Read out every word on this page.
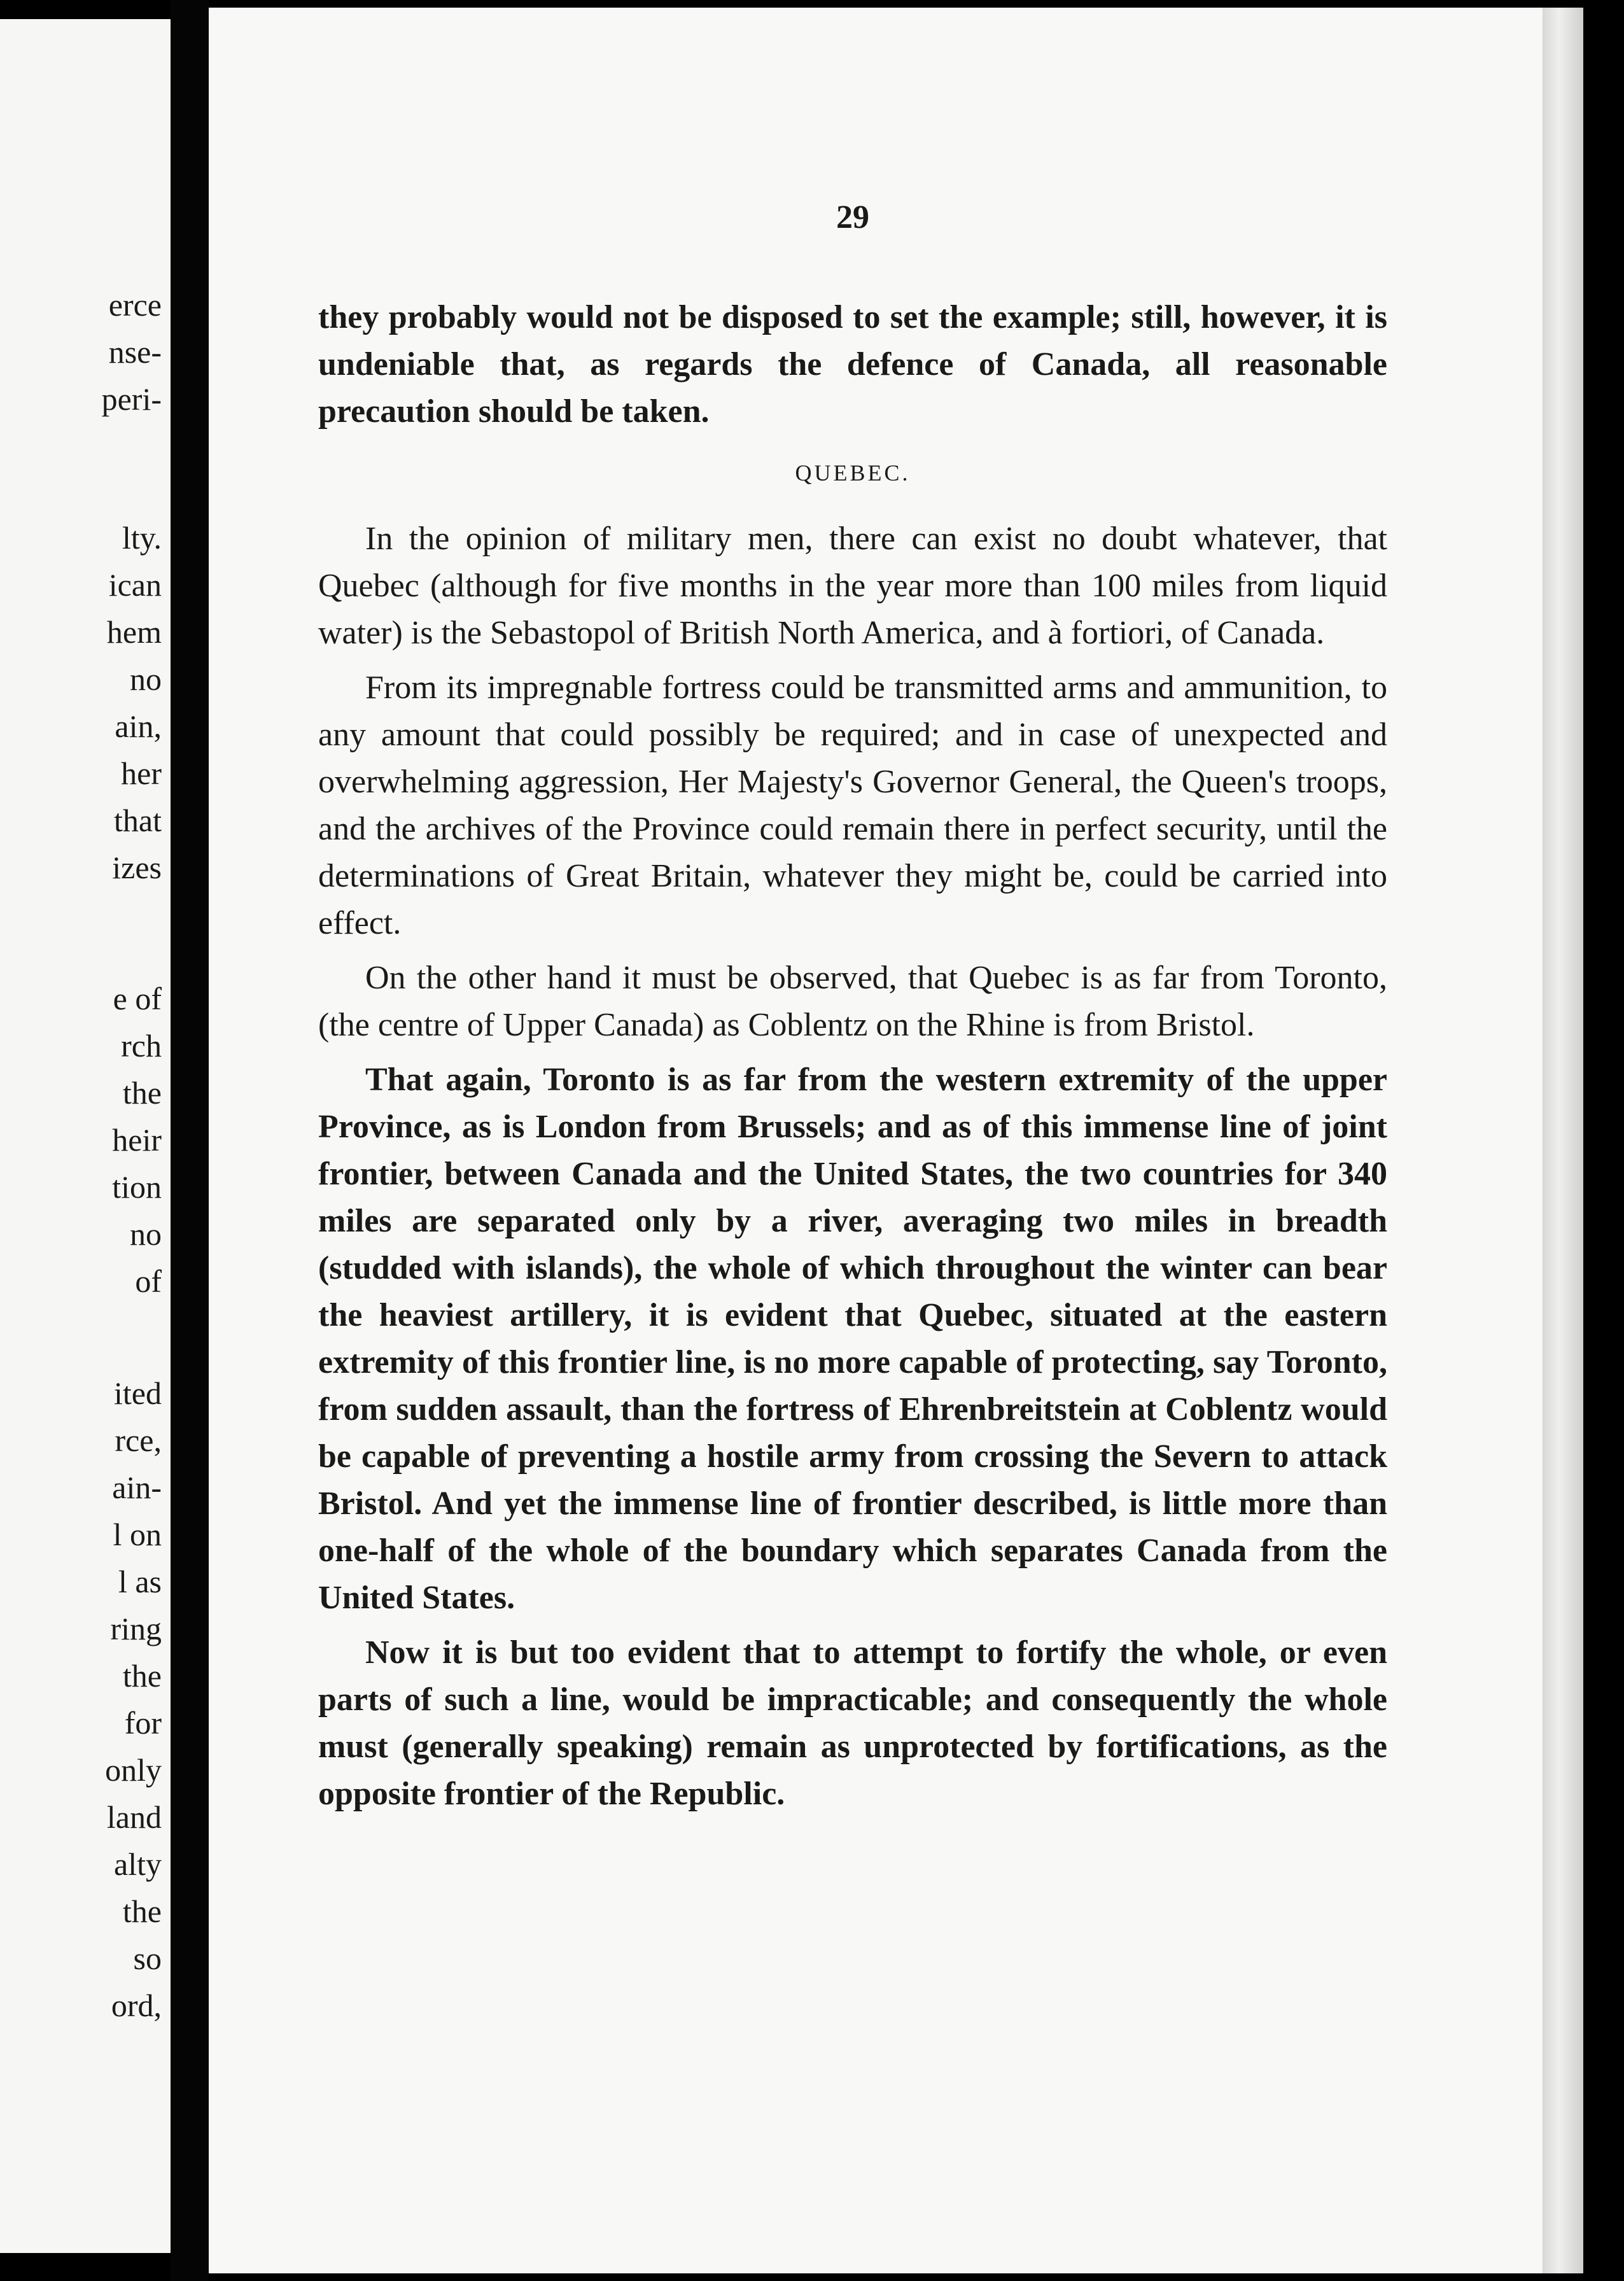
erce
nse-
peri-
lty.
ican
hem
no
ain,
her
that
izes
e of
rch
the
heir
tion
no
of
ited
rce,
ain-
l on
l as
ring
the
for
only
land
alty
the
so
ord,
29

they probably would not be disposed to set the example; still, however, it is undeniable that, as regards the defence of Canada, all reasonable precaution should be taken.

QUEBEC.

In the opinion of military men, there can exist no doubt whatever, that Quebec (although for five months in the year more than 100 miles from liquid water) is the Sebastopol of British North America, and à fortiori, of Canada.

From its impregnable fortress could be transmitted arms and ammunition, to any amount that could possibly be required; and in case of unexpected and overwhelming aggression, Her Majesty's Governor General, the Queen's troops, and the archives of the Province could remain there in perfect security, until the determinations of Great Britain, whatever they might be, could be carried into effect.

On the other hand it must be observed, that Quebec is as far from Toronto, (the centre of Upper Canada) as Coblentz on the Rhine is from Bristol.

That again, Toronto is as far from the western extremity of the upper Province, as is London from Brussels; and as of this immense line of joint frontier, between Canada and the United States, the two countries for 340 miles are separated only by a river, averaging two miles in breadth (studded with islands), the whole of which throughout the winter can bear the heaviest artillery, it is evident that Quebec, situated at the eastern extremity of this frontier line, is no more capable of protecting, say Toronto, from sudden assault, than the fortress of Ehrenbreitstein at Coblentz would be capable of preventing a hostile army from crossing the Severn to attack Bristol. And yet the immense line of frontier described, is little more than one-half of the whole of the boundary which separates Canada from the United States.

Now it is but too evident that to attempt to fortify the whole, or even parts of such a line, would be impracticable; and consequently the whole must (generally speaking) remain as unprotected by fortifications, as the opposite frontier of the Republic.
